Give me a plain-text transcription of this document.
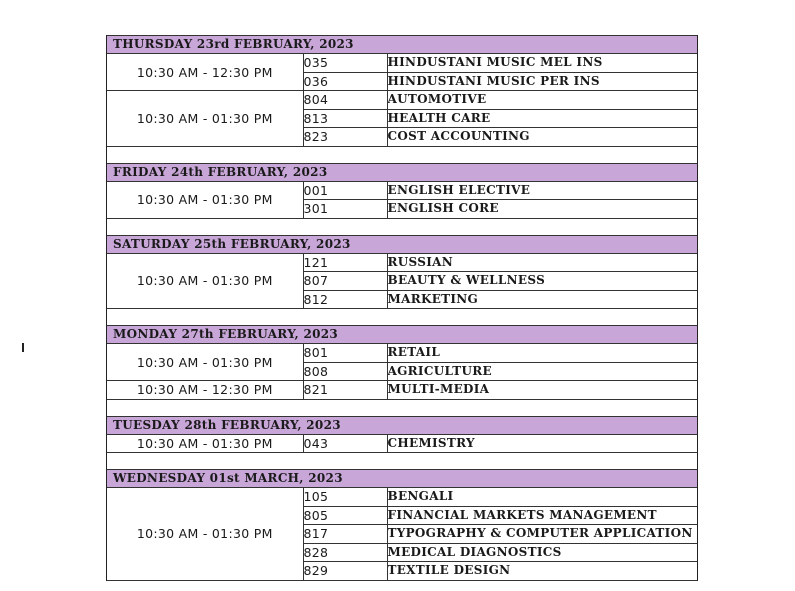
THURSDAY 23rd FEBRUARY, 2023		
10:30 AM - 12:30 PM	035	HINDUSTANI MUSIC MEL INS
	036	HINDUSTANI MUSIC PER INS
10:30 AM - 01:30 PM	804	AUTOMOTIVE
	813	HEALTH CARE
	823	COST ACCOUNTING

FRIDAY 24th FEBRUARY, 2023		
10:30 AM - 01:30 PM	001	ENGLISH ELECTIVE
	301	ENGLISH CORE

SATURDAY 25th FEBRUARY, 2023		
10:30 AM - 01:30 PM	121	RUSSIAN
	807	BEAUTY & WELLNESS
	812	MARKETING

MONDAY 27th FEBRUARY, 2023		
10:30 AM - 01:30 PM	801	RETAIL
	808	AGRICULTURE
10:30 AM - 12:30 PM	821	MULTI-MEDIA

TUESDAY 28th FEBRUARY, 2023		
10:30 AM - 01:30 PM	043	CHEMISTRY

WEDNESDAY 01st MARCH, 2023		
10:30 AM - 01:30 PM	105	BENGALI
	805	FINANCIAL MARKETS MANAGEMENT
	817	TYPOGRAPHY & COMPUTER APPLICATION
	828	MEDICAL DIAGNOSTICS
	829	TEXTILE DESIGN
